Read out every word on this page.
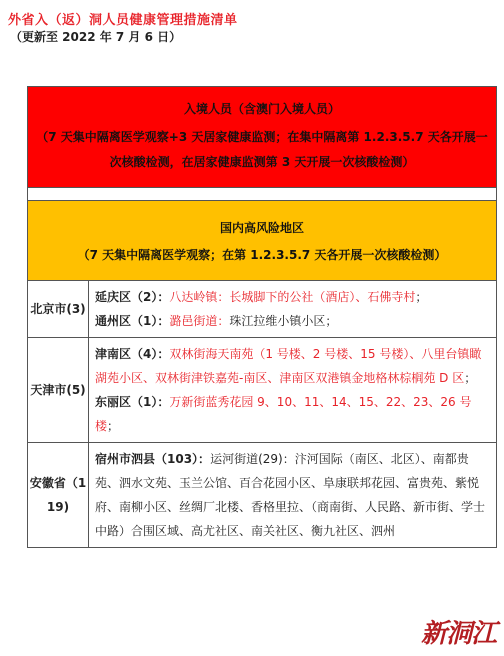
外省入（返）洞人员健康管理措施清单
（更新至 2022 年 7 月 6 日）
入境人员（含澳门入境人员）
（7 天集中隔离医学观察+3 天居家健康监测；在集中隔离第 1.2.3.5.7 天各开展一
次核酸检测，在居家健康监测第 3 天开展一次核酸检测）	

国内高风险地区
（7 天集中隔离医学观察；在第 1.2.3.5.7 天各开展一次核酸检测）	

北京市(3)	延庆区（2）：八达岭镇：长城脚下的公社（酒店）、石佛寺村；
通州区（1）：潞邑街道：珠江拉维小镇小区；

天津市(5)	津南区（4）：双林街海天南苑（1 号楼、2 号楼、15 号楼）、八里台镇瞰湖苑小区、双林街津铁嘉苑-南区、津南区双港镇金地格林棕榈苑 D 区；
东丽区（1）：万新街蓝秀花园 9、10、11、14、15、22、23、26 号楼；

安徽省（1 19)	宿州市泗县（103）：运河街道(29)：汴河国际（南区、北区）、南都贵苑、泗水文苑、玉兰公馆、百合花园小区、阜康联邦花园、富贵苑、紫悦府、南柳小区、丝绸厂北楼、香格里拉、（商南街、人民路、新市街、学士中路）合围区域、高尤社区、南关社区、衡九社区、泗州
新洞江
